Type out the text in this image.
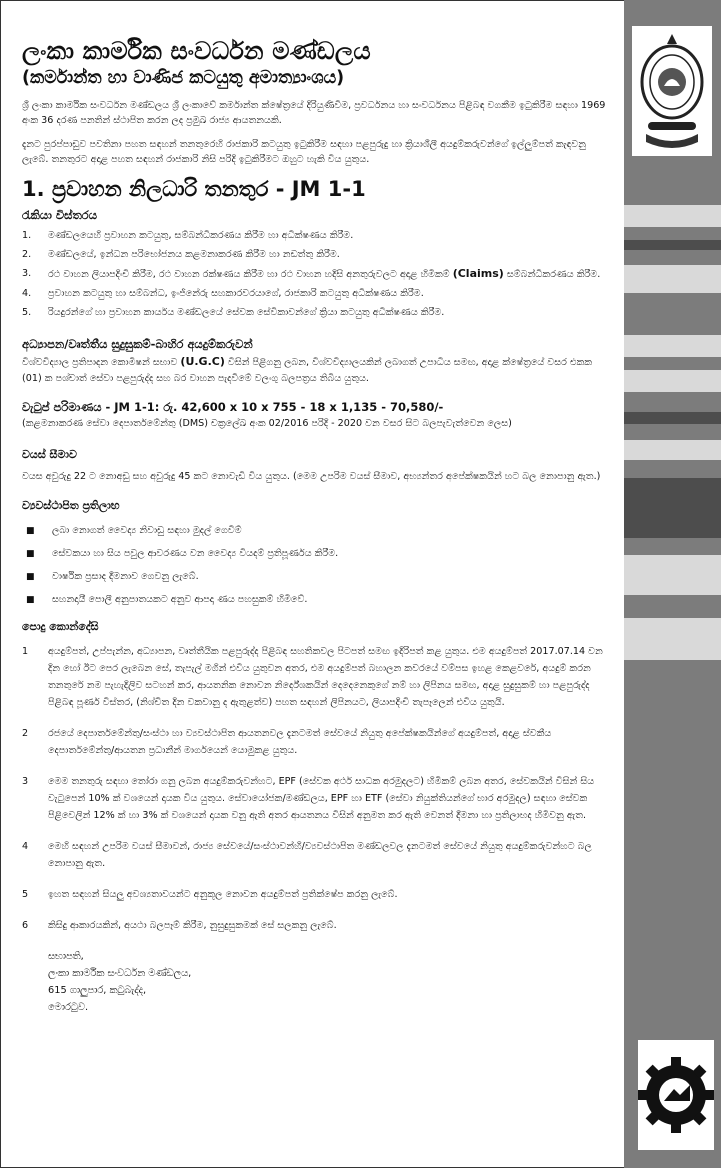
ලංකා කාර්මික සංවර්ධන මණ්ඩලය
(කර්මාන්ත හා වාණිජ කටයුතු අමාත්‍යාංශය)

ශ්‍රී ලංකා කාර්මික සංවර්ධන මණ්ඩලය ශ්‍රී ලංකාවේ කර්මාන්ත ක්ෂේත්‍රයේ දිරියුණිවීම, ප්‍රවර්ධනය හා සංවර්ධනය පිළිබඳ වගකීම ඉටුකිරීම සඳහා 1969 අංක 36 දරණ පනතින් ස්ථාපිත කරන ලද ප්‍රමුඛ රාජ්‍ය ආයතනයකි.

දැනට පුරප්පාඩුව පවතිනා පහත සඳහන් තනතුරෙහි රාජකාරි කටයුතු ඉටුකිරීම සඳහා පළපුරුදු හා ක්‍රියාශීලී අයදුම්කරුවන්ගේ ඉල්ලුම්පත් කැඳවනු ලැබේ. තනතුරට අදාළ පහත සඳහන් රාජකාරි නිසි පරිදි ඉටුකිරීමට ඔහුට හැකි විය යුතුය.

1. ප්‍රවාහන නිලධාරි තනතුර - JM 1-1
රැකියා විස්තරය
1.	මණ්ඩලයෙහි ප්‍රවාහන කටයුතු, සම්බන්ධීකරණය කිරීම හා අධීක්ෂණය කිරීම.
2.	මණ්ඩලයේ, ඉන්ධන පරිභෝජනය කළමනාකරණ කිරීම හා නඩත්තු කිරීම.
3.	රථ වාහන ලියාපදිංචි කිරීම, රථ වාහන රක්ෂණය කිරීම හා රථ වාහන හදිසි අනතුරුවලට අදාළ හිමිකම් (Claims) සම්බන්ධීකරණය කිරීම.
4.	ප්‍රවාහන කටයුතු හා සම්බන්ධ, ඉංජිනේරු සහකාරවරයාගේ, රාජකාරි කටයුතු අධීක්ෂණය කිරීම.
5.	රියදුරන්ගේ හා ප්‍රවාහන කාර්යය මණ්ඩලයේ සේවක සේවිකාවන්ගේ ක්‍රියා කටයුතු අධීක්ෂණය කිරීම.
අධ්‍යාපන/වෘත්තීය සුදුසුකම්-බාහිර අයදුම්කරුවන්

විශ්වවිද්‍යාල ප්‍රතිපාදන කොමිෂන් සභාව (U.G.C) විසින් පිළිගනු ලබන, විශ්වවිද්‍යාලයකින් ලබාගත් උපාධිය සමඟ, අදාළ ක්ෂේත්‍රයේ වසර එකක (01) ක පශ්චාත් සේවා පළපුරුද්ද සහ බර වාහන පැදවීමේ වලංගු බලපත්‍රය තිබිය යුතුය.

වැටුප් පරිමාණය - JM 1-1: රු. 42,600 x 10 x 755 - 18 x 1,135 - 70,580/-
(කළමනාකරණ සේවා දෙපාර්තමේන්තු (DMS) චක්‍රලේඛ අංක 02/2016 පරිදි - 2020 වන වසර සිට බලපැවැත්වෙන ලෙස)
වයස් සීමාව

වයස අවුරුදු 22 ට නොඅඩු සහ අවුරුදු 45 කට නොවැඩි විය යුතුය. (මෙම උපරිම වයස් සීමාව, අභ්‍යන්තර අපේක්ෂකයින් හට බල නොපානු ඇත.)

ව්‍යවස්ථාපිත ප්‍රතිලාභ
■	ලබා නොගත් වෛද්‍ය නිවාඩු සඳහා මුදල් ගෙවීම්
■	සේවකයා හා සිය පවුල ආවරණය වන වෛද්‍ය වියදම් ප්‍රතිපූර්ණය කිරීම.
■	වාර්ෂික ප්‍රසාද දීමනාව ගෙවනු ලැබේ.
■	සහනදායී පොලී අනුපාතයකට අනුව ආපදා ණය පහසුකම් හිමිවේ.
පොදු කොන්දේසි
1	අයදුම්පත්, උප්පැන්න, අධ්‍යාපන, වෘත්තීයික පළපුරුද්ද පිළිබඳ සහතිකවල පිටපත් සමඟ ඉදිරිපත් කළ යුතුය. එම අයදුම්පත් 2017.07.14 වන දින හෝ ඊට පෙර ලැබෙන සේ, තැපැල් මගින් එවිය යුතුවන අතර, එම අයදුම්පත් බහාලන කවරයේ වම්පස ඉහළ කෙළවරේ, අයදුම් කරන තනතුරේ නම පැහැදිලිව සටහන් කර, ආයතනික නොවන නිර්දේශකයින් දෙදෙනෙකුගේ නම් හා ලිපිනය සමඟ, අදාළ සුදුසුකම් හා පළපුරුද්ද පිළිබඳ පූර්ණ විස්තර, (නිශ්චිත දින වකවානු ද ඇතුළත්ව) පහත සඳහන් ලිපිනයට, ලියාපදිංචි තැපෑලෙන් එවිය යුතුයි.
2	රජයේ දෙපාර්තමේන්තු/සංස්ථා හා ව්‍යවස්ථාපිත ආයතනවල දැනටමත් සේවයේ නියුතු අපේක්ෂකයින්ගේ අයදුම්පත්, අදාළ ස්වකීය දෙපාර්තමේන්තු/ආයතන ප්‍රධානීන් මාර්ගයෙන් යොමුකළ යුතුය.
3	මෙම තනතුරු සඳහා තෝරා ගනු ලබන අයදුම්කරුවන්හට, EPF (සේවක අර්ථ සාධක අරමුදලට) හිමිකම් ලබන අතර, සේවකයින් විසින් සිය වැටුපෙන් 10% ක් වශයෙන් දායක විය යුතුය. සේවායෝජක/මණ්ඩලය, EPF හා ETF (සේවා නියුක්තියන්ගේ භාර අරමුදල) සඳහා සේවක පිළිවෙලින් 12% ක් හා 3% ක් වශයෙන් දායක වනු ඇති අතර ආයතනය විසින් අනුමත කර ඇති වෙනත් දීමනා හා ප්‍රතිලාභද හිමිවනු ඇත.
4	මෙහි සඳහන් උපරිම වයස් සීමාවන්, රාජ්‍ය සේවයේ/සංස්ථාවන්හි/ව්‍යවස්ථාපිත මණ්ඩලවල දැනටමත් සේවයේ නියුතු අයදුම්කරුවන්හට බල නොපානු ඇත.
5	ඉහත සඳහන් සියලු අවශ්‍යතාවයන්ට අනුකූල නොවන අයදුම්පත් ප්‍රතික්ෂේප කරනු ලැබේ.
6	කිසිදු ආකාරයකින්, අයථා බලපෑම් කිරීම, නුසුදුසුකමක් සේ සලකනු ලැබේ.
සභාපති,
ලංකා කාර්මික සංවර්ධන මණ්ඩලය,
615 ගාලුපාර, කටුබැද්ද,
මොරටුව.
